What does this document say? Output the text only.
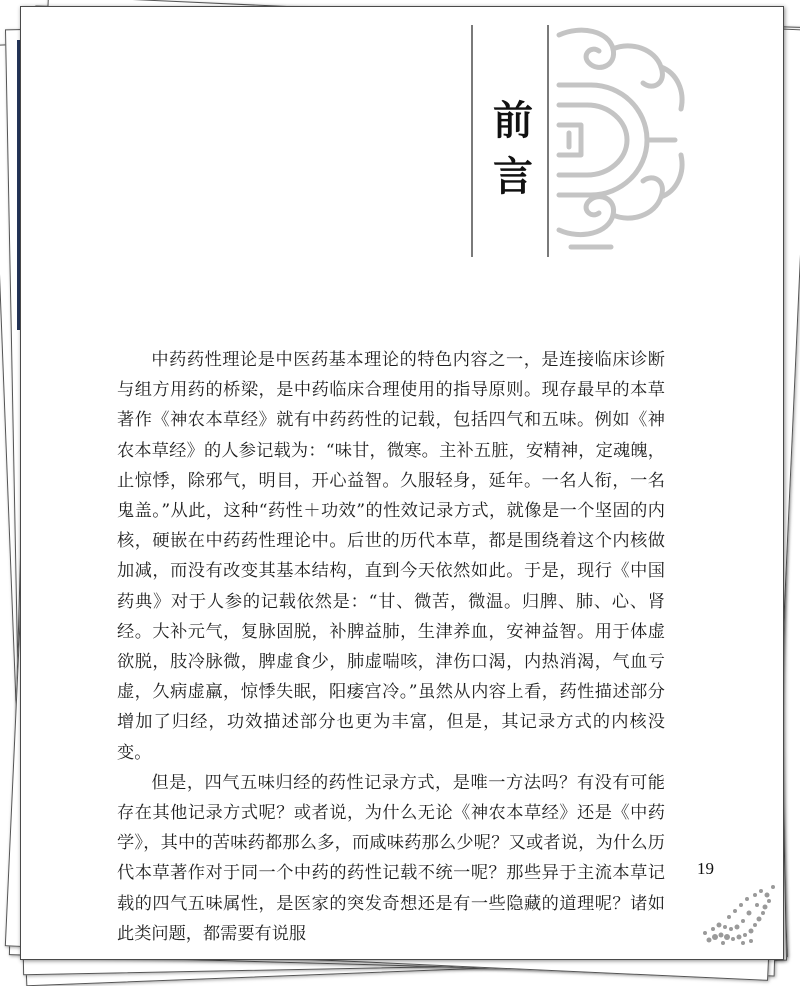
前
言

中药药性理论是中医药基本理论的特色内容之一，是连接临床诊断与组方用药的桥梁，是中药临床合理使用的指导原则。现存最早的本草著作《神农本草经》就有中药药性的记载，包括四气和五味。例如《神农本草经》的人参记载为：“味甘，微寒。主补五脏，安精神，定魂魄，止惊悸，除邪气，明目，开心益智。久服轻身，延年。一名人衔，一名鬼盖。”从此，这种“药性＋功效”的性效记录方式，就像是一个坚固的内核，硬嵌在中药药性理论中。后世的历代本草，都是围绕着这个内核做加减，而没有改变其基本结构，直到今天依然如此。于是，现行《中国药典》对于人参的记载依然是：“甘、微苦，微温。归脾、肺、心、肾经。大补元气，复脉固脱，补脾益肺，生津养血，安神益智。用于体虚欲脱，肢冷脉微，脾虚食少，肺虚喘咳，津伤口渴，内热消渴，气血亏虚，久病虚羸，惊悸失眠，阳痿宫冷。”虽然从内容上看，药性描述部分增加了归经，功效描述部分也更为丰富，但是，其记录方式的内核没变。

但是，四气五味归经的药性记录方式，是唯一方法吗？有没有可能存在其他记录方式呢？或者说，为什么无论《神农本草经》还是《中药学》，其中的苦味药都那么多，而咸味药那么少呢？又或者说，为什么历代本草著作对于同一个中药的药性记载不统一呢？那些异于主流本草记载的四气五味属性，是医家的突发奇想还是有一些隐藏的道理呢？诸如此类问题，都需要有说服

19
